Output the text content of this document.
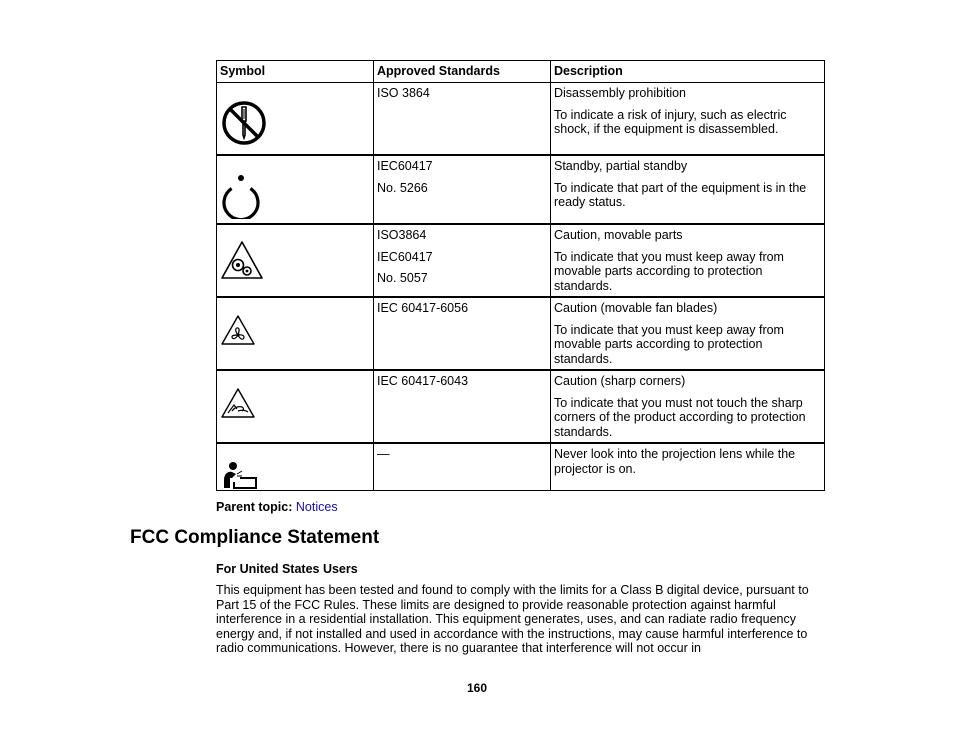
Symbol	Approved Standards	Description

ISO 3864	Disassembly prohibition
To indicate a risk of injury, such as electric shock, if the equipment is disassembled.

IEC60417
No. 5266	Standby, partial standby
To indicate that part of the equipment is in the ready status.

ISO3864
IEC60417
No. 5057	Caution, movable parts
To indicate that you must keep away from movable parts according to protection standards.

IEC 60417-6056	Caution (movable fan blades)
To indicate that you must keep away from movable parts according to protection standards.

IEC 60417-6043	Caution (sharp corners)
To indicate that you must not touch the sharp corners of the product according to protection standards.

—	Never look into the projection lens while the projector is on.
Parent topic: Notices
FCC Compliance Statement
For United States Users

This equipment has been tested and found to comply with the limits for a Class B digital device, pursuant to Part 15 of the FCC Rules. These limits are designed to provide reasonable protection against harmful interference in a residential installation. This equipment generates, uses, and can radiate radio frequency energy and, if not installed and used in accordance with the instructions, may cause harmful interference to radio communications. However, there is no guarantee that interference will not occur in

160
